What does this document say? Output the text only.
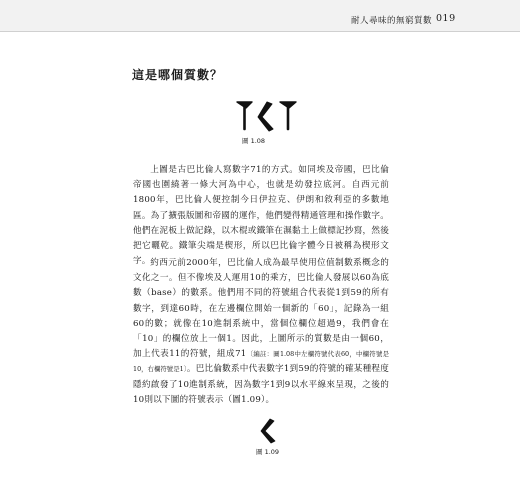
耐人尋味的無窮質數 019
這是哪個質數？
圖 1.08

上圖是古巴比倫人寫數字71的方式。如同埃及帝國，巴比倫帝國也圍繞著一條大河為中心，也就是幼發拉底河。自西元前1800年，巴比倫人便控制今日伊拉克、伊朗和敘利亞的多數地區。為了擴張版圖和帝國的運作，他們變得精通管理和操作數字。他們在泥板上做記錄，以木棍或鐵筆在濕黏土上做標記抄寫，然後把它曬乾。鐵筆尖端是楔形，所以巴比倫字體今日被稱為楔形文字。 約西元前2000年，巴比倫人成為最早使用位值制數系概念的文化之一。但不像埃及人運用10的乘方，巴比倫人發展以60為底數（base）的數系。他們用不同的符號組合代表從1到59的所有數字，到達60時，在左邊欄位開始一個新的「60」，記錄為一組60的數；就像在10進制系統中，當個位欄位超過9，我們會在「10」的欄位放上一個1。因此，上圖所示的質數是由一個60，加上代表11的符號，組成71〔編註：圖1.08中左欄符號代表60，中欄符號是10，右欄符號是1〕。巴比倫數系中代表數字1到59的符號的確某種程度隱約啟發了10進制系統，因為數字1到9以水平線來呈現，之後的10則以下圖的符號表示（圖1.09）。

圖 1.09
